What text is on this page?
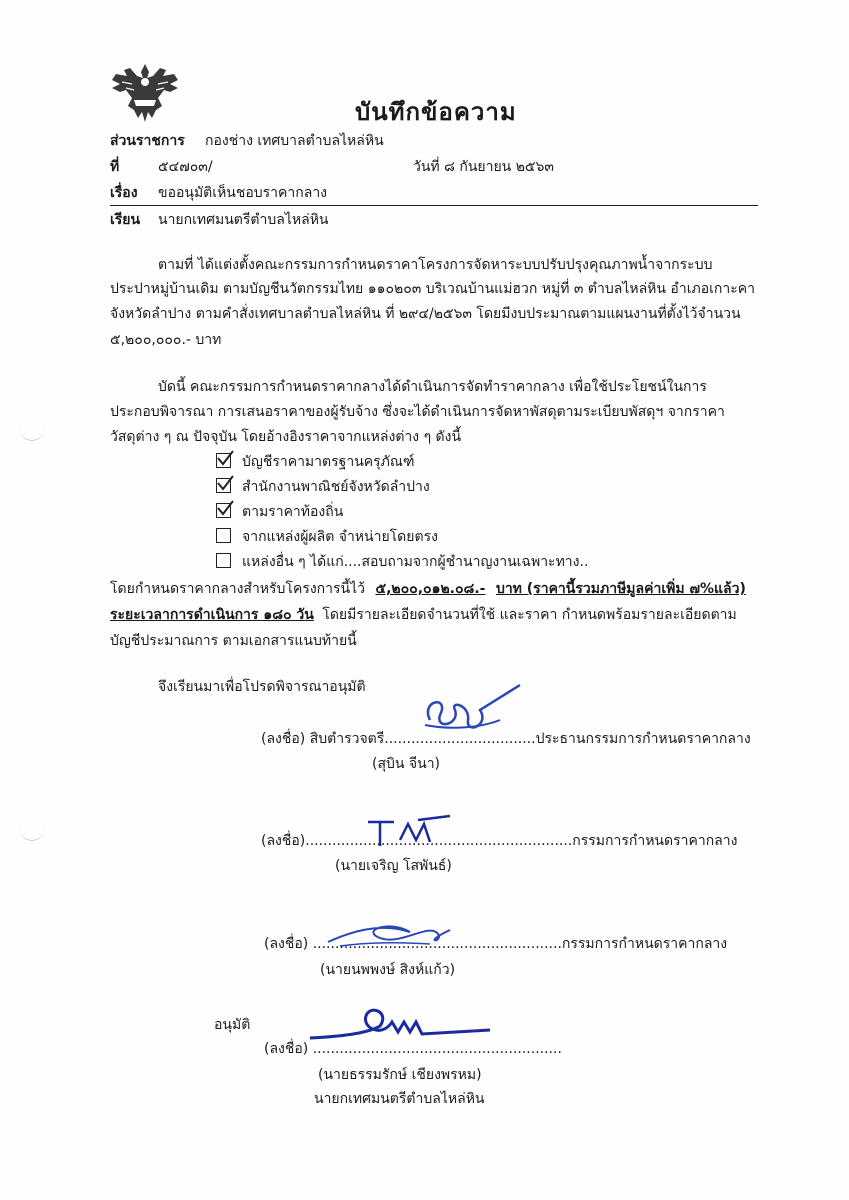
บันทึกข้อความ
ส่วนราชการ กองช่าง เทศบาลตำบลไหล่หิน
ที่	๕๔๗๐๓/	วันที่ ๘ กันยายน ๒๕๖๓
เรื่อง ขออนุมัติเห็นชอบราคากลาง
เรียน นายกเทศมนตรีตำบลไหล่หิน
ตามที่ ได้แต่งตั้งคณะกรรมการกำหนดราคาโครงการจัดหาระบบปรับปรุงคุณภาพน้ำจากระบบ
ประปาหมู่บ้านเดิม ตามบัญชีนวัตกรรมไทย ๑๑๐๒๐๓ บริเวณบ้านแม่ฮวก หมู่ที่ ๓ ตำบลไหล่หิน อำเภอเกาะคา
จังหวัดลำปาง ตามคำสั่งเทศบาลตำบลไหล่หิน ที่ ๒๙๔/๒๕๖๓ โดยมีงบประมาณตามแผนงานที่ตั้งไว้จำนวน
๕,๒๐๐,๐๐๐.- บาท
บัดนี้ คณะกรรมการกำหนดราคากลางได้ดำเนินการจัดทำราคากลาง เพื่อใช้ประโยชน์ในการ
ประกอบพิจารณา การเสนอราคาของผู้รับจ้าง ซึ่งจะได้ดำเนินการจัดหาพัสดุตามระเบียบพัสดุฯ จากราคา
วัสดุต่าง ๆ ณ ปัจจุบัน โดยอ้างอิงราคาจากแหล่งต่าง ๆ ดังนี้
บัญชีราคามาตรฐานครุภัณฑ์
สำนักงานพาณิชย์จังหวัดลำปาง
ตามราคาท้องถิ่น
จากแหล่งผู้ผลิต จำหน่ายโดยตรง
แหล่งอื่น ๆ ได้แก่....สอบถามจากผู้ชำนาญงานเฉพาะทาง..
โดยกำหนดราคากลางสำหรับโครงการนี้ไว้ ๕,๒๐๐,๐๑๒.๐๘.- บาท (ราคานี้รวมภาษีมูลค่าเพิ่ม ๗%แล้ว)
ระยะเวลาการดำเนินการ ๑๘๐ วัน โดยมีรายละเอียดจำนวนที่ใช้ และราคา กำหนดพร้อมรายละเอียดตาม
บัญชีประมาณการ ตามเอกสารแนบท้ายนี้
จึงเรียนมาเพื่อโปรดพิจารณาอนุมัติ
(ลงชื่อ) สิบตำรวจตรี..................................ประธานกรรมการกำหนดราคากลาง
(สุบิน จีนา)
(ลงชื่อ)............................................................กรรมการกำหนดราคากลาง
(นายเจริญ โสพันธ์)
(ลงชื่อ) ........................................................กรรมการกำหนดราคากลาง
(นายนพพงษ์ สิงห์แก้ว)
อนุมัติ
(ลงชื่อ) ........................................................
(นายธรรมรักษ์ เชียงพรหม)
นายกเทศมนตรีตำบลไหล่หิน
